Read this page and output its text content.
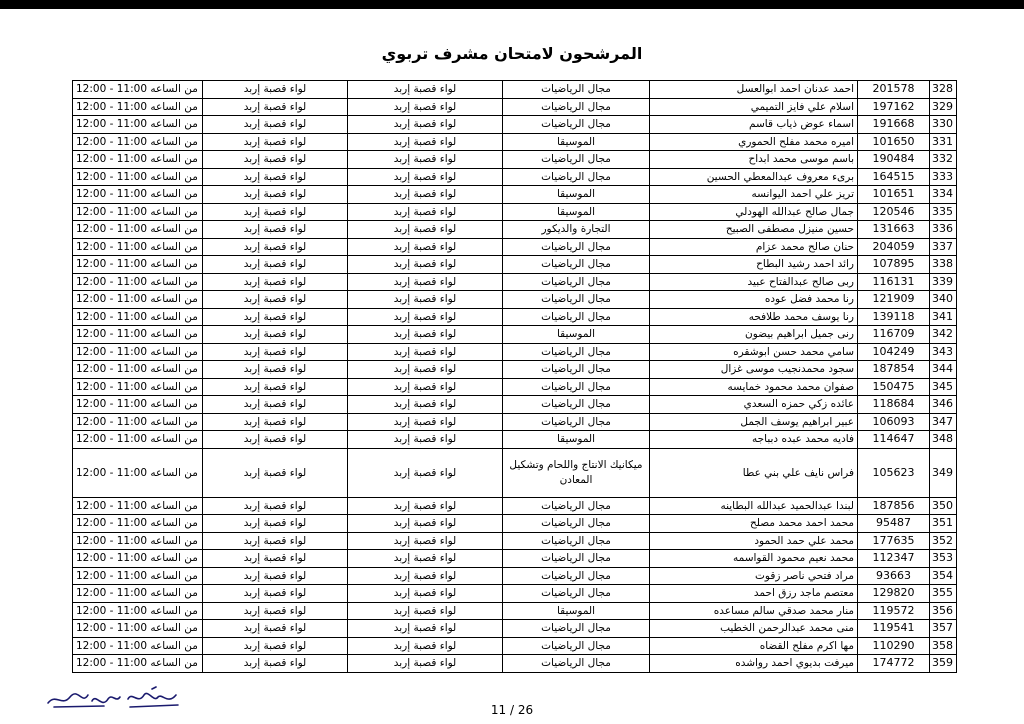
المرشحون لامتحان مشرف تربوي
328	201578	احمد عدنان احمد ابوالعسل	مجال الرياضيات	لواء قصبة إربد	لواء قصبة إربد	من الساعه 11:00 - 12:00
329	197162	اسلام علي فايز التميمي	مجال الرياضيات	لواء قصبة إربد	لواء قصبة إربد	من الساعه 11:00 - 12:00
330	191668	اسماء عوض ذياب قاسم	مجال الرياضيات	لواء قصبة إربد	لواء قصبة إربد	من الساعه 11:00 - 12:00
331	101650	اميره محمد مفلح الحموري	الموسيقا	لواء قصبة إربد	لواء قصبة إربد	من الساعه 11:00 - 12:00
332	190484	باسم موسى محمد ابداح	مجال الرياضيات	لواء قصبة إربد	لواء قصبة إربد	من الساعه 11:00 - 12:00
333	164515	برىء معروف عبدالمعطي الحسين	مجال الرياضيات	لواء قصبة إربد	لواء قصبة إربد	من الساعه 11:00 - 12:00
334	101651	تريز علي احمد اليوانسه	الموسيقا	لواء قصبة إربد	لواء قصبة إربد	من الساعه 11:00 - 12:00
335	120546	جمال صالح عبدالله الهودلي	الموسيقا	لواء قصبة إربد	لواء قصبة إربد	من الساعه 11:00 - 12:00
336	131663	حسين منيزل مصطفى الصبيح	التجارة والديكور	لواء قصبة إربد	لواء قصبة إربد	من الساعه 11:00 - 12:00
337	204059	حنان صالح محمد عزام	مجال الرياضيات	لواء قصبة إربد	لواء قصبة إربد	من الساعه 11:00 - 12:00
338	107895	رائد احمد رشيد البطاح	مجال الرياضيات	لواء قصبة إربد	لواء قصبة إربد	من الساعه 11:00 - 12:00
339	116131	ربى صالح عبدالفتاح عبيد	مجال الرياضيات	لواء قصبة إربد	لواء قصبة إربد	من الساعه 11:00 - 12:00
340	121909	رنا محمد فضل عوده	مجال الرياضيات	لواء قصبة إربد	لواء قصبة إربد	من الساعه 11:00 - 12:00
341	139118	رنا يوسف محمد طلافحه	مجال الرياضيات	لواء قصبة إربد	لواء قصبة إربد	من الساعه 11:00 - 12:00
342	116709	رنى جميل ابراهيم بيضون	الموسيقا	لواء قصبة إربد	لواء قصبة إربد	من الساعه 11:00 - 12:00
343	104249	سامي محمد حسن ابوشقره	مجال الرياضيات	لواء قصبة إربد	لواء قصبة إربد	من الساعه 11:00 - 12:00
344	187854	سجود محمدنجيب موسى غزال	مجال الرياضيات	لواء قصبة إربد	لواء قصبة إربد	من الساعه 11:00 - 12:00
345	150475	صفوان محمد محمود خمايسه	مجال الرياضيات	لواء قصبة إربد	لواء قصبة إربد	من الساعه 11:00 - 12:00
346	118684	عائده زكي حمزه السعدي	مجال الرياضيات	لواء قصبة إربد	لواء قصبة إربد	من الساعه 11:00 - 12:00
347	106093	عبير ابراهيم يوسف الجمل	مجال الرياضيات	لواء قصبة إربد	لواء قصبة إربد	من الساعه 11:00 - 12:00
348	114647	فاديه محمد عبده دبباجه	الموسيقا	لواء قصبة إربد	لواء قصبة إربد	من الساعه 11:00 - 12:00
349	105623	فراس نايف علي بني عطا	ميكانيك الانتاج واللحام وتشكيل المعادن	لواء قصبة إربد	لواء قصبة إربد	من الساعه 11:00 - 12:00
350	187856	لبندا عبدالحميد عبدالله البطاينه	مجال الرياضيات	لواء قصبة إربد	لواء قصبة إربد	من الساعه 11:00 - 12:00
351	95487	محمد احمد محمد مصلح	مجال الرياضيات	لواء قصبة إربد	لواء قصبة إربد	من الساعه 11:00 - 12:00
352	177635	محمد علي حمد الحمود	مجال الرياضيات	لواء قصبة إربد	لواء قصبة إربد	من الساعه 11:00 - 12:00
353	112347	محمد نعيم محمود القواسمه	مجال الرياضيات	لواء قصبة إربد	لواء قصبة إربد	من الساعه 11:00 - 12:00
354	93663	مراد فتحي ناصر زقوت	مجال الرياضيات	لواء قصبة إربد	لواء قصبة إربد	من الساعه 11:00 - 12:00
355	129820	معتصم ماجد رزق احمد	مجال الرياضيات	لواء قصبة إربد	لواء قصبة إربد	من الساعه 11:00 - 12:00
356	119572	منار محمد صدقي سالم مساعده	الموسيقا	لواء قصبة إربد	لواء قصبة إربد	من الساعه 11:00 - 12:00
357	119541	منى محمد عبدالرحمن الخطيب	مجال الرياضيات	لواء قصبة إربد	لواء قصبة إربد	من الساعه 11:00 - 12:00
358	110290	مها اكرم مفلح القضاه	مجال الرياضيات	لواء قصبة إربد	لواء قصبة إربد	من الساعه 11:00 - 12:00
359	174772	ميرفت بديوي احمد رواشده	مجال الرياضيات	لواء قصبة إربد	لواء قصبة إربد	من الساعه 11:00 - 12:00
11 / 26
